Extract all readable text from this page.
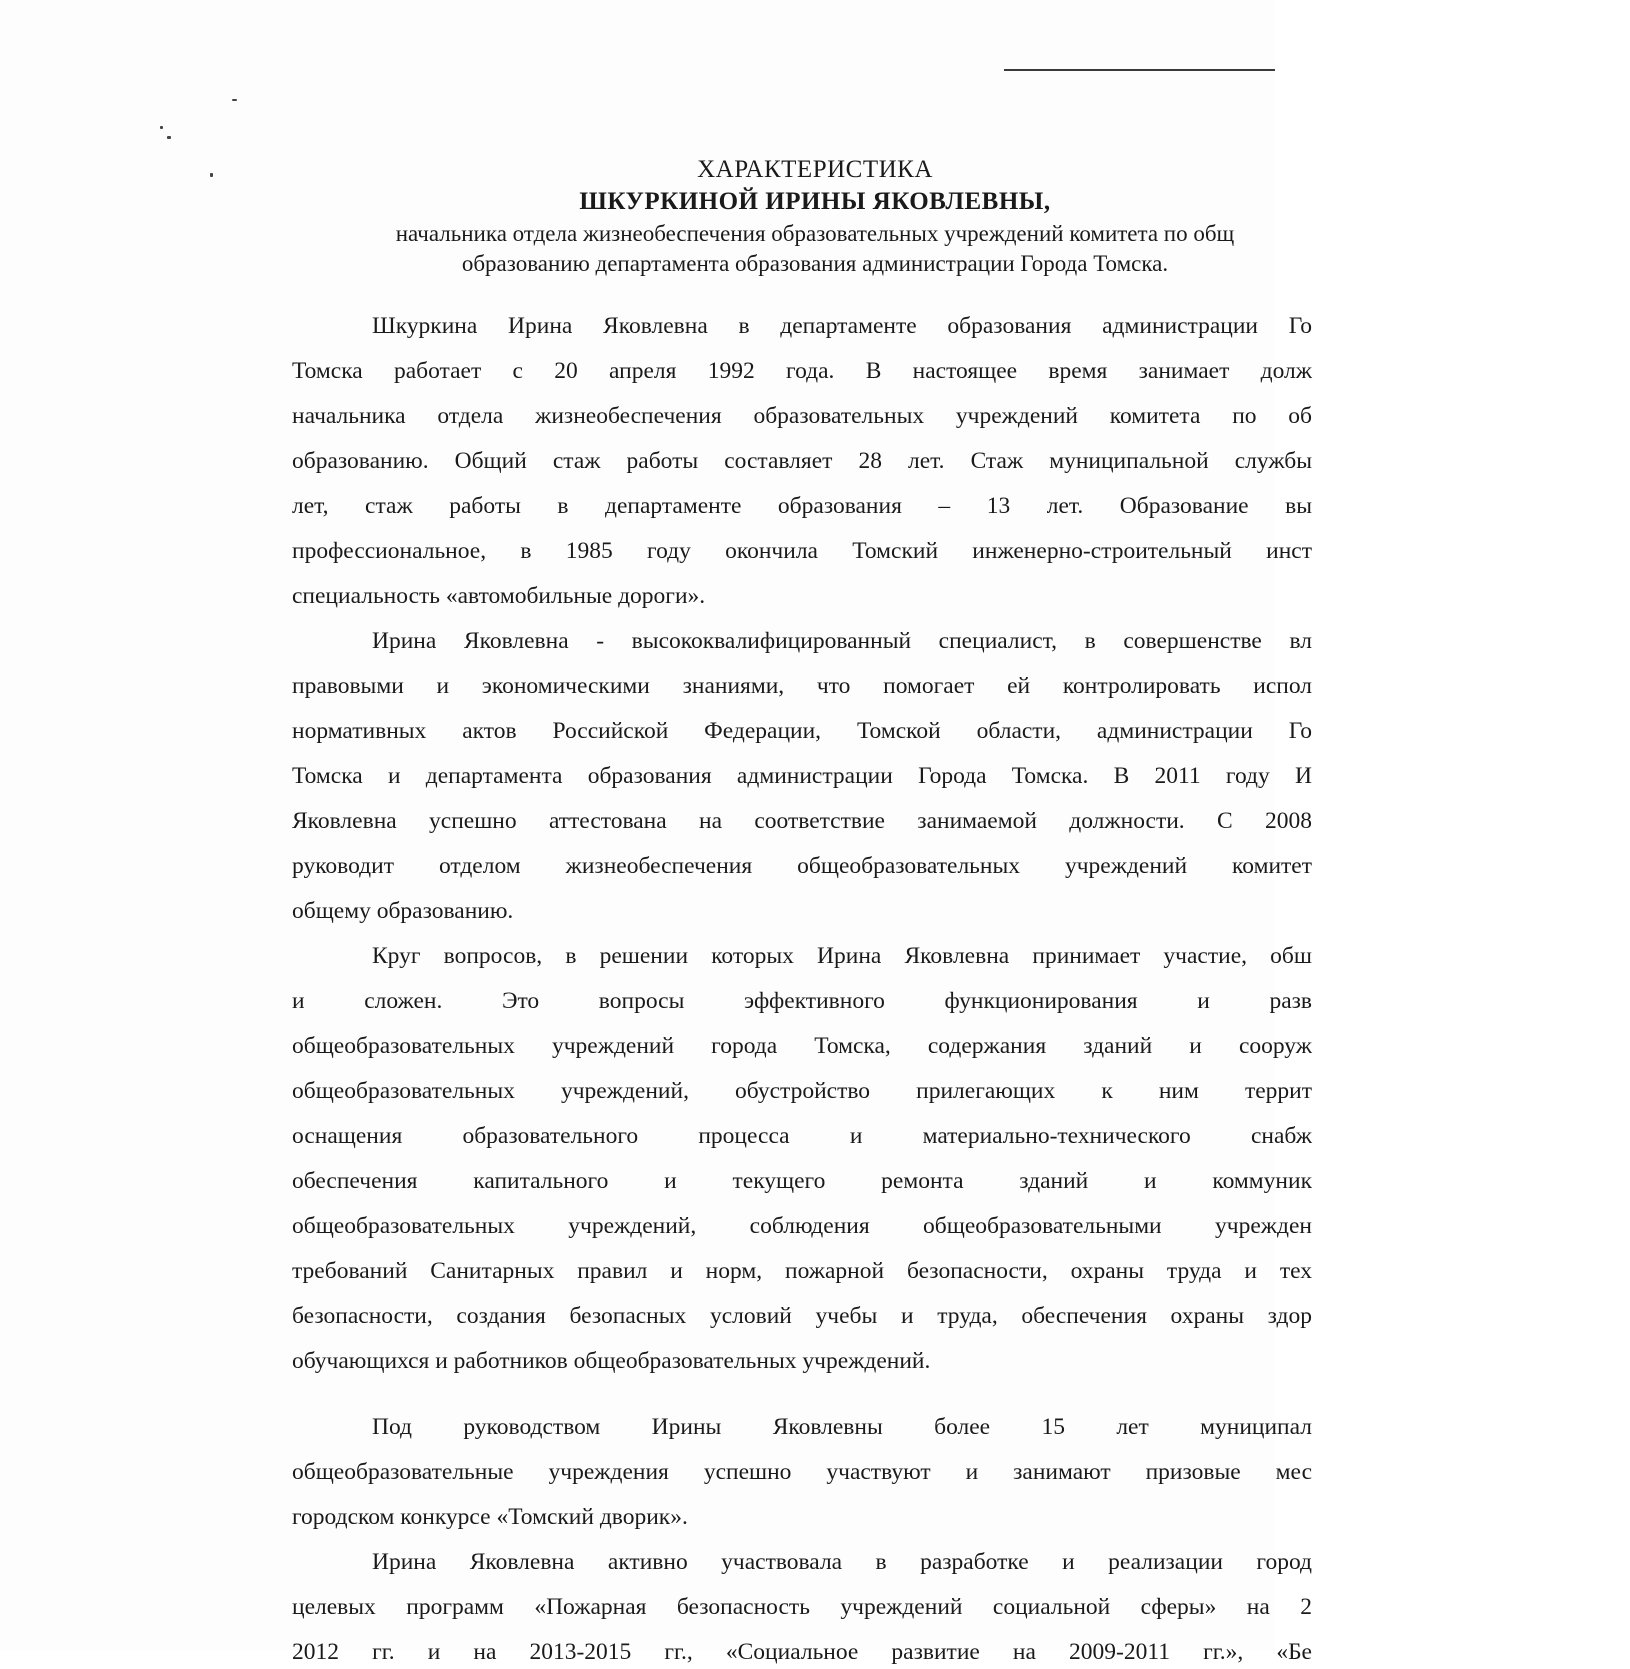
ХАРАКТЕРИСТИКА
ШКУРКИНОЙ ИРИНЫ ЯКОВЛЕВНЫ,
начальника отдела жизнеобеспечения образовательных учреждений комитета по общ
образованию департамента образования администрации Города Томска.
Шкуркина Ирина Яковлевна в департаменте образования администрации Го
Томска работает с 20 апреля 1992 года. В настоящее время занимает долж
начальника отдела жизнеобеспечения образовательных учреждений комитета по об
образованию. Общий стаж работы составляет 28 лет. Стаж муниципальной службы
лет, стаж работы в департаменте образования – 13 лет. Образование вы
профессиональное, в 1985 году окончила Томский инженерно-строительный инст
специальность «автомобильные дороги».
Ирина Яковлевна - высококвалифицированный специалист, в совершенстве вл
правовыми и экономическими знаниями, что помогает ей контролировать испол
нормативных актов Российской Федерации, Томской области, администрации Го
Томска и департамента образования администрации Города Томска. В 2011 году И
Яковлевна успешно аттестована на соответствие занимаемой должности. С 2008
руководит отделом жизнеобеспечения общеобразовательных учреждений комитет
общему образованию.
Круг вопросов, в решении которых Ирина Яковлевна принимает участие, обш
и сложен. Это вопросы эффективного функционирования и разв
общеобразовательных учреждений города Томска, содержания зданий и сооруж
общеобразовательных учреждений, обустройство прилегающих к ним террит
оснащения образовательного процесса и материально-технического снабж
обеспечения капитального и текущего ремонта зданий и коммуник
общеобразовательных учреждений, соблюдения общеобразовательными учрежден
требований Санитарных правил и норм, пожарной безопасности, охраны труда и тех
безопасности, создания безопасных условий учебы и труда, обеспечения охраны здор
обучающихся и работников общеобразовательных учреждений.
Под руководством Ирины Яковлевны более 15 лет муниципал
общеобразовательные учреждения успешно участвуют и занимают призовые мес
городском конкурсе «Томский дворик».
Ирина Яковлевна активно участвовала в разработке и реализации город
целевых программ «Пожарная безопасность учреждений социальной сферы» на 2
2012 гг. и на 2013-2015 гг., «Социальное развитие на 2009-2011 гг.», «Бе
